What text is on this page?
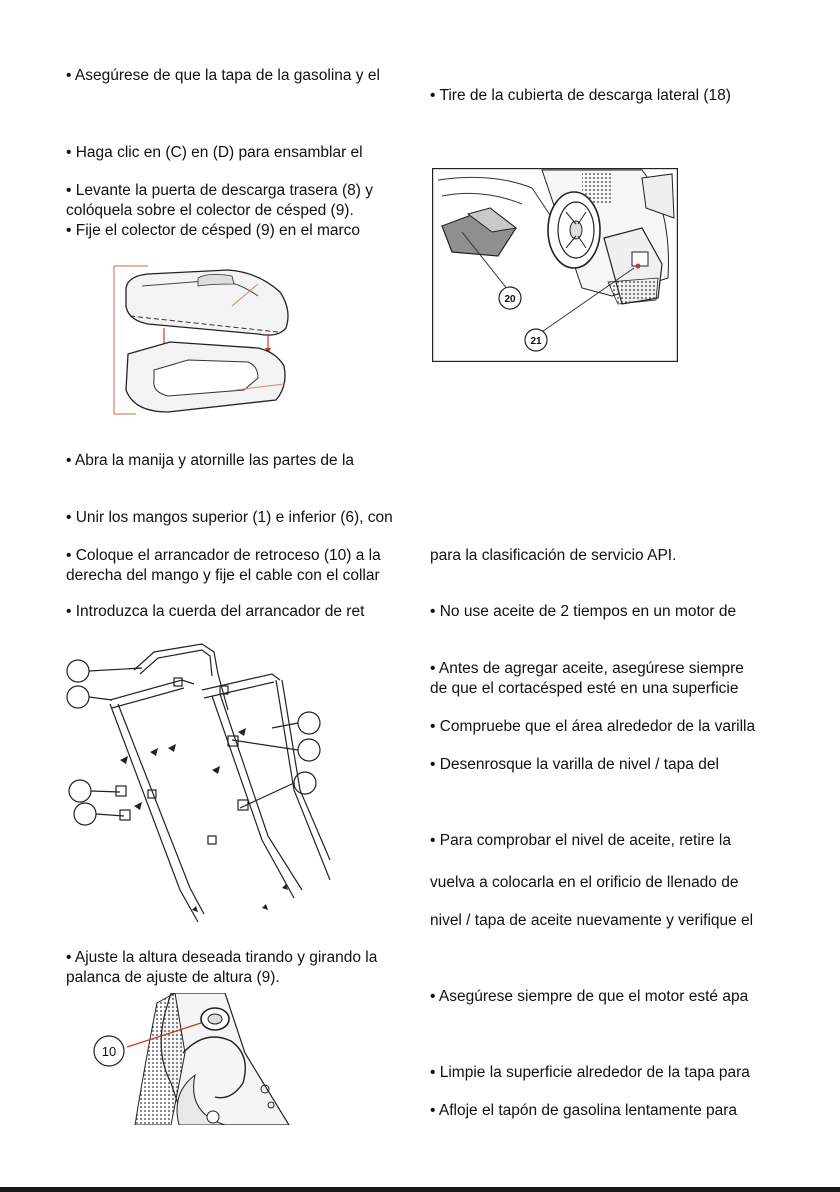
• Asegúrese de que la tapa de la gasolina y el

• Haga clic en (C) en (D) para ensamblar el

• Levante la puerta de descarga trasera (8) y

colóquela sobre el colector de césped (9).

• Fije el colector de césped (9) en el marco

• Abra la manija y atornille las partes de la

• Unir los mangos superior (1) e inferior (6), con

• Coloque el arrancador de retroceso (10) a la

derecha del mango y fije el cable con el collar

• Introduzca la cuerda del arrancador de ret

• Ajuste la altura deseada tirando y girando la

palanca de ajuste de altura (9).

10

• Tire de la cubierta de descarga lateral (18)

20
21

para la clasificación de servicio API.

• No use aceite de 2 tiempos en un motor de

• Antes de agregar aceite, asegúrese siempre

de que el cortacésped esté en una superficie

• Compruebe que el área alrededor de la varilla

• Desenrosque la varilla de nivel / tapa del

• Para comprobar el nivel de aceite, retire la

vuelva a colocarla en el orificio de llenado de

nivel / tapa de aceite nuevamente y verifique el

• Asegúrese siempre de que el motor esté apa

• Limpie la superficie alrededor de la tapa para

• Afloje el tapón de gasolina lentamente para
